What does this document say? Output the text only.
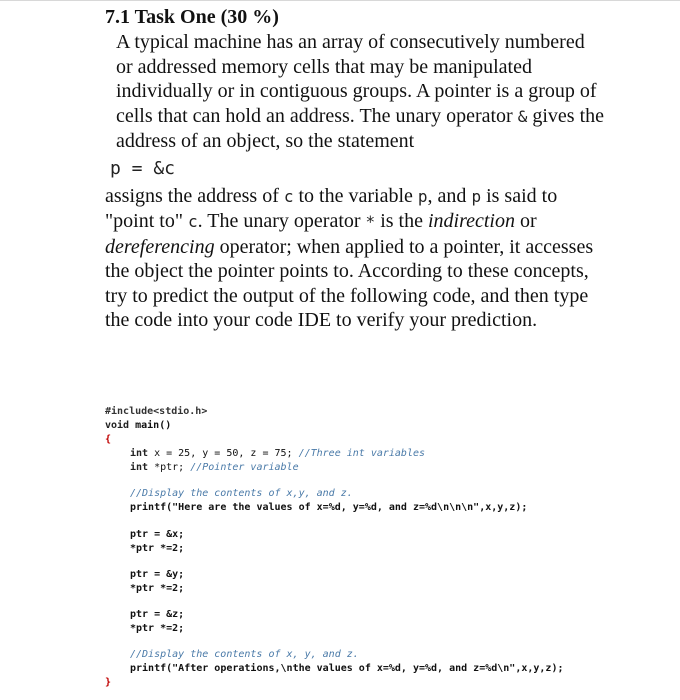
7.1 Task One (30 %)

A typical machine has an array of consecutively numbered or addressed memory cells that may be manipulated individually or in contiguous groups. A pointer is a group of cells that can hold an address. The unary operator & gives the address of an object, so the statement

p = &c

assigns the address of c to the variable p, and p is said to "point to" c. The unary operator * is the indirection or dereferencing operator; when applied to a pointer, it accesses the object the pointer points to. According to these concepts, try to predict the output of the following code, and then type the code into your code IDE to verify your prediction.

#include<stdio.h>
void main()
{
int x = 25, y = 50, z = 75; //Three int variables
int *ptr; //Pointer variable
//Display the contents of x,y, and z.
printf("Here are the values of x=%d, y=%d, and z=%d\n\n\n",x,y,z);
ptr = &x;
*ptr *=2;
ptr = &y;
*ptr *=2;
ptr = &z;
*ptr *=2;
//Display the contents of x, y, and z.
printf("After operations,\nthe values of x=%d, y=%d, and z=%d\n",x,y,z);
}
